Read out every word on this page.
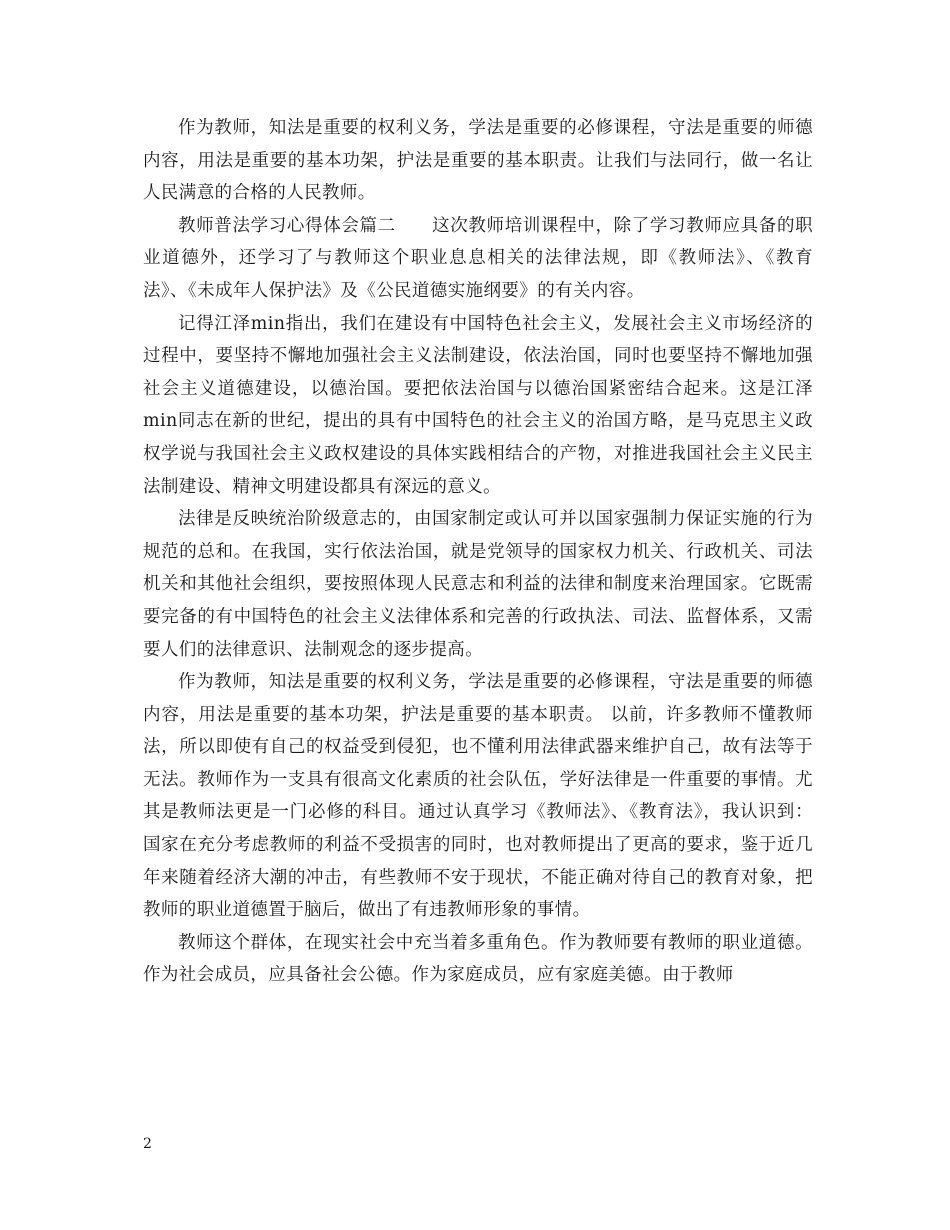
作为教师，知法是重要的权利义务，学法是重要的必修课程，守法是重要的师德内容，用法是重要的基本功架，护法是重要的基本职责。让我们与法同行，做一名让人民满意的合格的人民教师。

教师普法学习心得体会篇二　　这次教师培训课程中，除了学习教师应具备的职业道德外，还学习了与教师这个职业息息相关的法律法规，即《教师法》、《教育法》、《未成年人保护法》及《公民道德实施纲要》的有关内容。

记得江泽min指出，我们在建设有中国特色社会主义，发展社会主义市场经济的过程中，要坚持不懈地加强社会主义法制建设，依法治国，同时也要坚持不懈地加强社会主义道德建设，以德治国。要把依法治国与以德治国紧密结合起来。这是江泽min同志在新的世纪，提出的具有中国特色的社会主义的治国方略，是马克思主义政权学说与我国社会主义政权建设的具体实践相结合的产物，对推进我国社会主义民主法制建设、精神文明建设都具有深远的意义。

法律是反映统治阶级意志的，由国家制定或认可并以国家强制力保证实施的行为规范的总和。在我国，实行依法治国，就是党领导的国家权力机关、行政机关、司法机关和其他社会组织，要按照体现人民意志和利益的法律和制度来治理国家。它既需要完备的有中国特色的社会主义法律体系和完善的行政执法、司法、监督体系，又需要人们的法律意识、法制观念的逐步提高。

作为教师，知法是重要的权利义务，学法是重要的必修课程，守法是重要的师德内容，用法是重要的基本功架，护法是重要的基本职责。 以前，许多教师不懂教师法，所以即使有自己的权益受到侵犯，也不懂利用法律武器来维护自己，故有法等于无法。教师作为一支具有很高文化素质的社会队伍，学好法律是一件重要的事情。尤其是教师法更是一门必修的科目。通过认真学习《教师法》、《教育法》，我认识到：国家在充分考虑教师的利益不受损害的同时，也对教师提出了更高的要求，鉴于近几年来随着经济大潮的冲击，有些教师不安于现状，不能正确对待自己的教育对象，把教师的职业道德置于脑后，做出了有违教师形象的事情。

教师这个群体，在现实社会中充当着多重角色。作为教师要有教师的职业道德。作为社会成员，应具备社会公德。作为家庭成员，应有家庭美德。由于教师

2
